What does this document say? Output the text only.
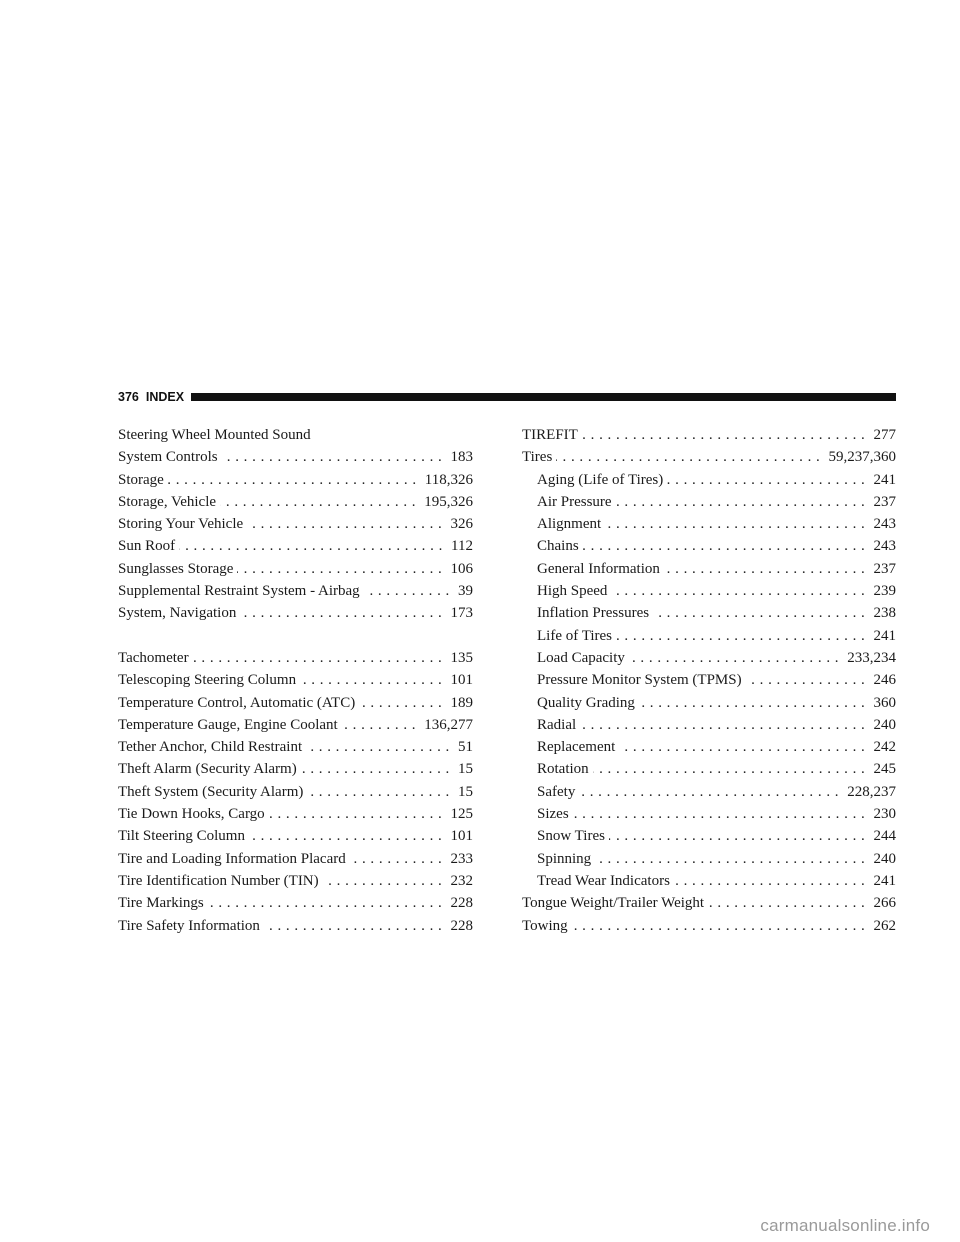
376 INDEX
Steering Wheel Mounted Sound
System Controls .....	183
Storage .....	118,326
Storage, Vehicle .....	195,326
Storing Your Vehicle .....	326
Sun Roof .....	112
Sunglasses Storage .....	106
Supplemental Restraint System - Airbag .....	39
System, Navigation .....	173
Tachometer .....	135
Telescoping Steering Column .....	101
Temperature Control, Automatic (ATC) .....	189
Temperature Gauge, Engine Coolant .....	136,277
Tether Anchor, Child Restraint .....	51
Theft Alarm (Security Alarm) .....	15
Theft System (Security Alarm) .....	15
Tie Down Hooks, Cargo .....	125
Tilt Steering Column .....	101
Tire and Loading Information Placard .....	233
Tire Identification Number (TIN) .....	232
Tire Markings .....	228
Tire Safety Information .....	228
TIREFIT .....	277
Tires .....	59,237,360
Aging (Life of Tires) .....	241
Air Pressure .....	237
Alignment .....	243
Chains .....	243
General Information .....	237
High Speed .....	239
Inflation Pressures .....	238
Life of Tires .....	241
Load Capacity .....	233,234
Pressure Monitor System (TPMS) .....	246
Quality Grading .....	360
Radial .....	240
Replacement .....	242
Rotation .....	245
Safety .....	228,237
Sizes .....	230
Snow Tires .....	244
Spinning .....	240
Tread Wear Indicators .....	241
Tongue Weight/Trailer Weight .....	266
Towing .....	262
carmanualsonline.info
